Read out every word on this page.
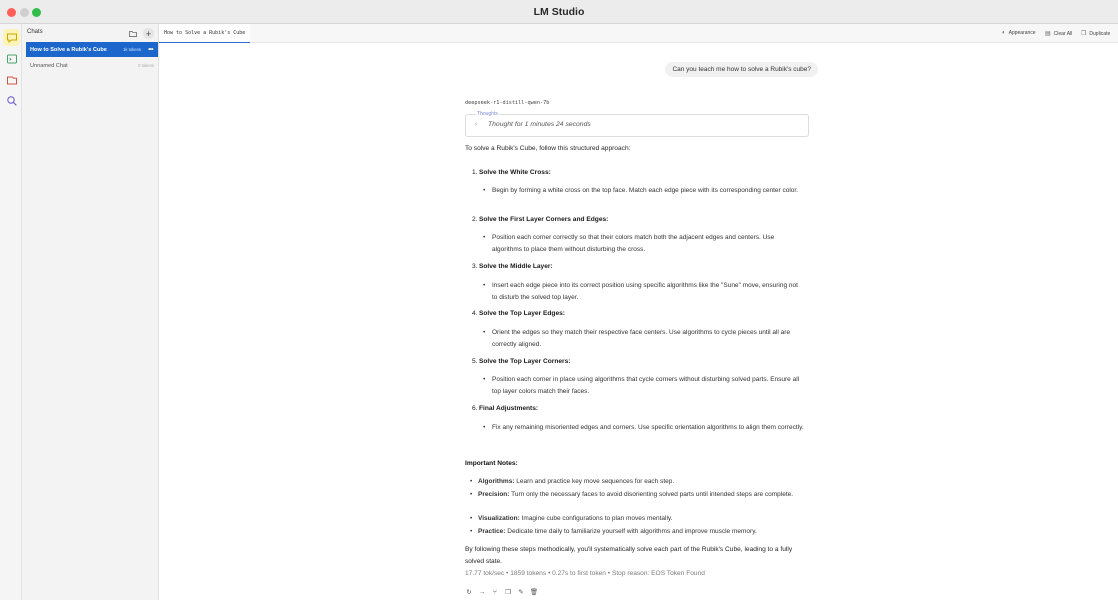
LM Studio
Chats	+
How to Solve a Rubik's Cube	1k tokens •••
Unnamed Chat	0 tokens
How to Solve a Rubik's Cube	◐ Appearance ▤ Clear All ❐ Duplicate
Can you teach me how to solve a Rubik's cube?
deepseek-r1-distill-qwen-7b
Thoughts
› Thought for 1 minutes 24 seconds
To solve a Rubik's Cube, follow this structured approach:
1. Solve the White Cross:
•	Begin by forming a white cross on the top face. Match each edge piece with its corresponding center color.
2. Solve the First Layer Corners and Edges:
•	Position each corner correctly so that their colors match both the adjacent edges and centers. Use algorithms to place them without disturbing the cross.
3. Solve the Middle Layer:
•	Insert each edge piece into its correct position using specific algorithms like the "Sune" move, ensuring not to disturb the solved top layer.
4. Solve the Top Layer Edges:
•	Orient the edges so they match their respective face centers. Use algorithms to cycle pieces until all are correctly aligned.
5. Solve the Top Layer Corners:
•	Position each corner in place using algorithms that cycle corners without disturbing solved parts. Ensure all top layer colors match their faces.
6. Final Adjustments:
•	Fix any remaining misoriented edges and corners. Use specific orientation algorithms to align them correctly.
Important Notes:
• Algorithms: Learn and practice key move sequences for each step.
• Precision: Turn only the necessary faces to avoid disorienting solved parts until intended steps are complete.
• Visualization: Imagine cube configurations to plan moves mentally.
• Practice: Dedicate time daily to familiarize yourself with algorithms and improve muscle memory.
By following these steps methodically, you'll systematically solve each part of the Rubik's Cube, leading to a fully solved state.
17.77 tok/sec • 1859 tokens • 0.27s to first token • Stop reason: EOS Token Found
↻ →	⑂	❐ ✎ 🗑
